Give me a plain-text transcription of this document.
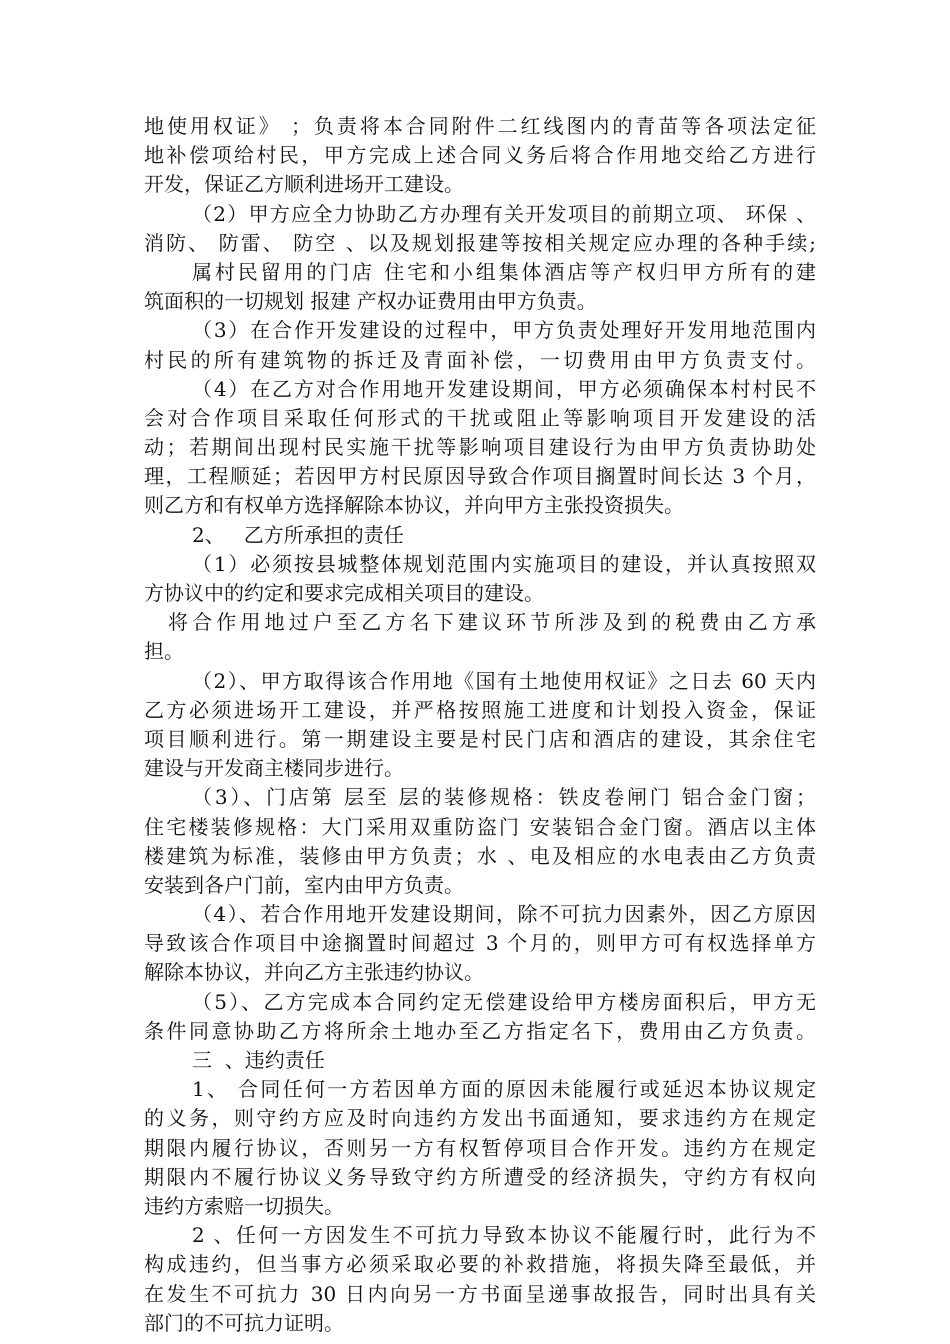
地使用权证》 ；负责将本合同附件二红线图内的青苗等各项法定征
地补偿项给村民，甲方完成上述合同义务后将合作用地交给乙方进行
开发，保证乙方顺利进场开工建设。
（2）甲方应全力协助乙方办理有关开发项目的前期立项、 环保 、
消防、 防雷、 防空 、以及规划报建等按相关规定应办理的各种手续;
属村民留用的门店 住宅和小组集体酒店等产权归甲方所有的建
筑面积的一切规划 报建 产权办证费用由甲方负责。
（3）在合作开发建设的过程中，甲方负责处理好开发用地范围内
村民的所有建筑物的拆迁及青面补偿，一切费用由甲方负责支付。
（4）在乙方对合作用地开发建设期间，甲方必须确保本村村民不
会对合作项目采取任何形式的干扰或阻止等影响项目开发建设的活
动；若期间出现村民实施干扰等影响项目建设行为由甲方负责协助处
理，工程顺延；若因甲方村民原因导致合作项目搁置时间长达 3 个月，
则乙方和有权单方选择解除本协议，并向甲方主张投资损失。
2、   乙方所承担的责任
（1）必须按县城整体规划范围内实施项目的建设，并认真按照双
方协议中的约定和要求完成相关项目的建设。
将合作用地过户至乙方名下建议环节所涉及到的税费由乙方承
担。
（2）、甲方取得该合作用地《国有土地使用权证》之日去 60 天内
乙方必须进场开工建设，并严格按照施工进度和计划投入资金，保证
项目顺利进行。第一期建设主要是村民门店和酒店的建设，其余住宅
建设与开发商主楼同步进行。
（3）、门店第 层至 层的装修规格：铁皮卷闸门 铝合金门窗；
住宅楼装修规格：大门采用双重防盗门 安装铝合金门窗。酒店以主体
楼建筑为标准，装修由甲方负责；水 、电及相应的水电表由乙方负责
安装到各户门前，室内由甲方负责。
（4）、若合作用地开发建设期间，除不可抗力因素外，因乙方原因
导致该合作项目中途搁置时间超过 3 个月的，则甲方可有权选择单方
解除本协议，并向乙方主张违约协议。
（5）、乙方完成本合同约定无偿建设给甲方楼房面积后，甲方无
条件同意协助乙方将所余土地办至乙方指定名下，费用由乙方负责。
三  、违约责任
1、 合同任何一方若因单方面的原因未能履行或延迟本协议规定
的义务，则守约方应及时向违约方发出书面通知，要求违约方在规定
期限内履行协议，否则另一方有权暂停项目合作开发。违约方在规定
期限内不履行协议义务导致守约方所遭受的经济损失，守约方有权向
违约方索赔一切损失。
2 、任何一方因发生不可抗力导致本协议不能履行时，此行为不
构成违约，但当事方必须采取必要的补救措施，将损失降至最低，并
在发生不可抗力 30 日内向另一方书面呈递事故报告，同时出具有关
部门的不可抗力证明。
